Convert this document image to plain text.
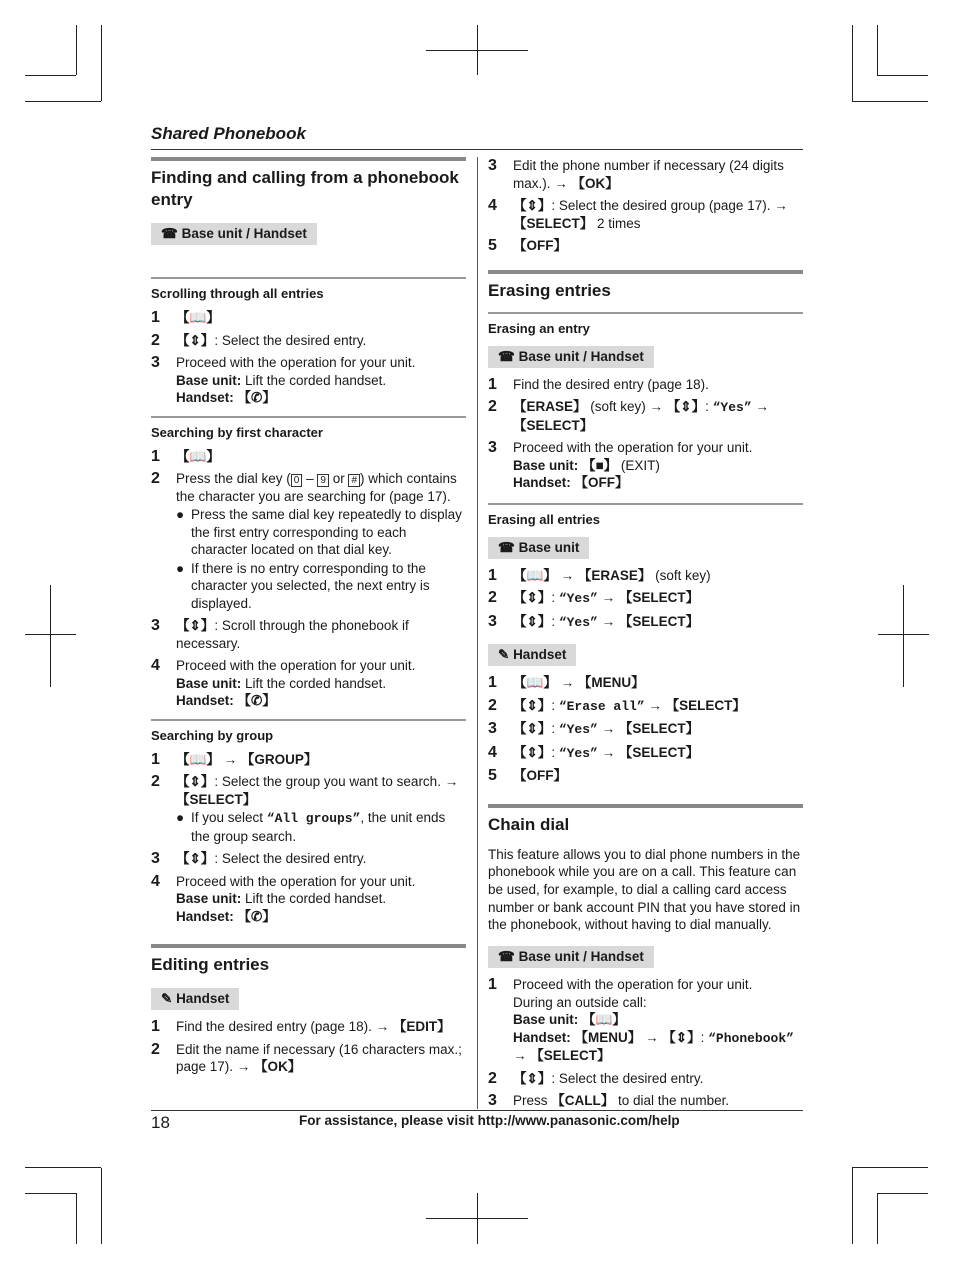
Shared Phonebook
Finding and calling from a phonebook entry
☎ Base unit / Handset
Scrolling through all entries
1	【📖】
2	【⇕】: Select the desired entry.
3	Proceed with the operation for your unit.
Base unit: Lift the corded handset.
Handset: 【✆】
Searching by first character
1	【📖】
2	Press the dial key ( 0 – 9 or # ) which contains the character you are searching for (page 17).
● Press the same dial key repeatedly to display the first entry corresponding to each character located on that dial key.
● If there is no entry corresponding to the character you selected, the next entry is displayed.
3	【⇕】: Scroll through the phonebook if necessary.
4	Proceed with the operation for your unit.
Base unit: Lift the corded handset.
Handset: 【✆】
Searching by group
1	【📖】 → 【GROUP】
2	【⇕】: Select the group you want to search. →
【SELECT】
● If you select “All groups”, the unit ends the group search.
3	【⇕】: Select the desired entry.
4	Proceed with the operation for your unit.
Base unit: Lift the corded handset.
Handset: 【✆】
Editing entries
✎ Handset
1	Find the desired entry (page 18). → 【EDIT】
2	Edit the name if necessary (16 characters max.; page 17). → 【OK】
3	Edit the phone number if necessary (24 digits max.). → 【OK】
4	【⇕】: Select the desired group (page 17). →
【SELECT】 2 times
5	【OFF】
Erasing entries
Erasing an entry
☎ Base unit / Handset
1	Find the desired entry (page 18).
2	【ERASE】 (soft key) → 【⇕】: “Yes” →
【SELECT】
3	Proceed with the operation for your unit.
Base unit: 【■】 (EXIT)
Handset: 【OFF】
Erasing all entries
☎ Base unit
1	【📖】 → 【ERASE】 (soft key)
2	【⇕】: “Yes” → 【SELECT】
3	【⇕】: “Yes” → 【SELECT】
✎ Handset
1	【📖】 → 【MENU】
2	【⇕】: “Erase all” → 【SELECT】
3	【⇕】: “Yes” → 【SELECT】
4	【⇕】: “Yes” → 【SELECT】
5	【OFF】
Chain dial

This feature allows you to dial phone numbers in the phonebook while you are on a call. This feature can be used, for example, to dial a calling card access number or bank account PIN that you have stored in the phonebook, without having to dial manually.

☎ Base unit / Handset
1	Proceed with the operation for your unit.
During an outside call:
Base unit: 【📖】
Handset: 【MENU】 → 【⇕】: “Phonebook”
→ 【SELECT】
2	【⇕】: Select the desired entry.
3	Press 【CALL】 to dial the number.
18	For assistance, please visit http://www.panasonic.com/help
